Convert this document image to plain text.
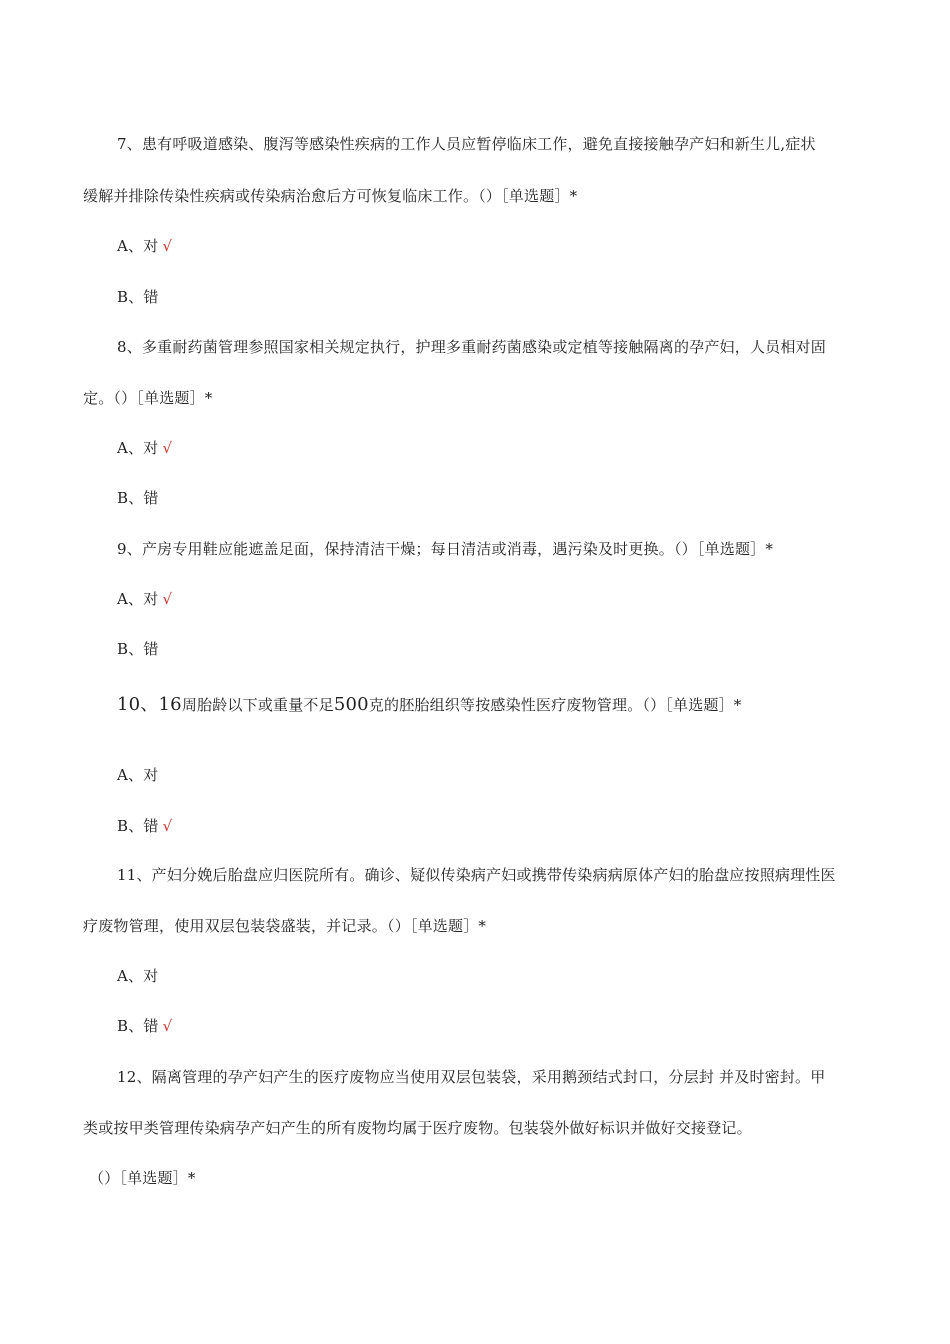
7、患有呼吸道感染、腹泻等感染性疾病的工作人员应暂停临床工作，避免直接接触孕产妇和新生儿,症状
缓解并排除传染性疾病或传染病治愈后方可恢复临床工作。（）［单选题］*
A、对 √
B、错
8、多重耐药菌管理参照国家相关规定执行，护理多重耐药菌感染或定植等接触隔离的孕产妇，人员相对固
定。（）［单选题］*
A、对 √
B、错
9、产房专用鞋应能遮盖足面，保持清洁干燥；每日清洁或消毒，遇污染及时更换。（）［单选题］*
A、对 √
B、错
10、16周胎龄以下或重量不足500克的胚胎组织等按感染性医疗废物管理。（）［单选题］*
A、对
B、错 √
11、产妇分娩后胎盘应归医院所有。确诊、疑似传染病产妇或携带传染病病原体产妇的胎盘应按照病理性医
疗废物管理，使用双层包装袋盛装，并记录。（）［单选题］*
A、对
B、错 √
12、隔离管理的孕产妇产生的医疗废物应当使用双层包装袋，采用鹅颈结式封口，分层封 并及时密封。甲
类或按甲类管理传染病孕产妇产生的所有废物均属于医疗废物。包装袋外做好标识并做好交接登记。
（）［单选题］*
